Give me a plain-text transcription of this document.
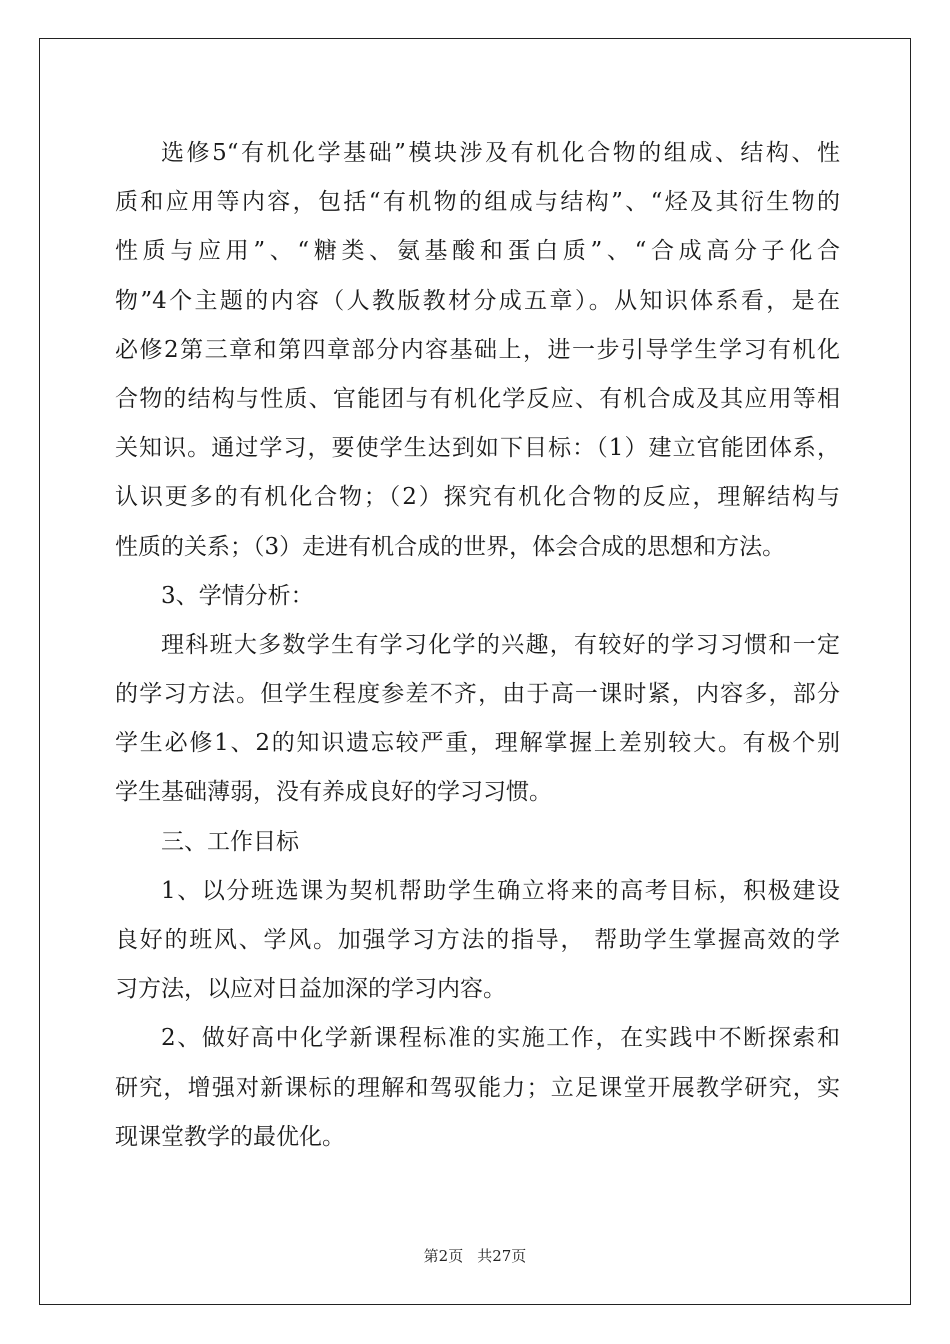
选修5“有机化学基础”模块涉及有机化合物的组成、结构、性
质和应用等内容，包括“有机物的组成与结构”、“烃及其衍生物的
性质与应用”、“糖类、氨基酸和蛋白质”、“合成高分子化合
物”4个主题的内容（人教版教材分成五章）。从知识体系看，是在
必修2第三章和第四章部分内容基础上，进一步引导学生学习有机化
合物的结构与性质、官能团与有机化学反应、有机合成及其应用等相
关知识。通过学习，要使学生达到如下目标：（1）建立官能团体系，
认识更多的有机化合物；（2）探究有机化合物的反应，理解结构与
性质的关系；（3）走进有机合成的世界，体会合成的思想和方法。
3、学情分析：
理科班大多数学生有学习化学的兴趣，有较好的学习习惯和一定
的学习方法。但学生程度参差不齐，由于高一课时紧，内容多，部分
学生必修1、2的知识遗忘较严重，理解掌握上差别较大。有极个别
学生基础薄弱，没有养成良好的学习习惯。
三、工作目标
1、以分班选课为契机帮助学生确立将来的高考目标，积极建设
良好的班风、学风。加强学习方法的指导， 帮助学生掌握高效的学
习方法，以应对日益加深的学习内容。
2、做好高中化学新课程标准的实施工作，在实践中不断探索和
研究，增强对新课标的理解和驾驭能力；立足课堂开展教学研究，实
现课堂教学的最优化。
第2页 共27页
